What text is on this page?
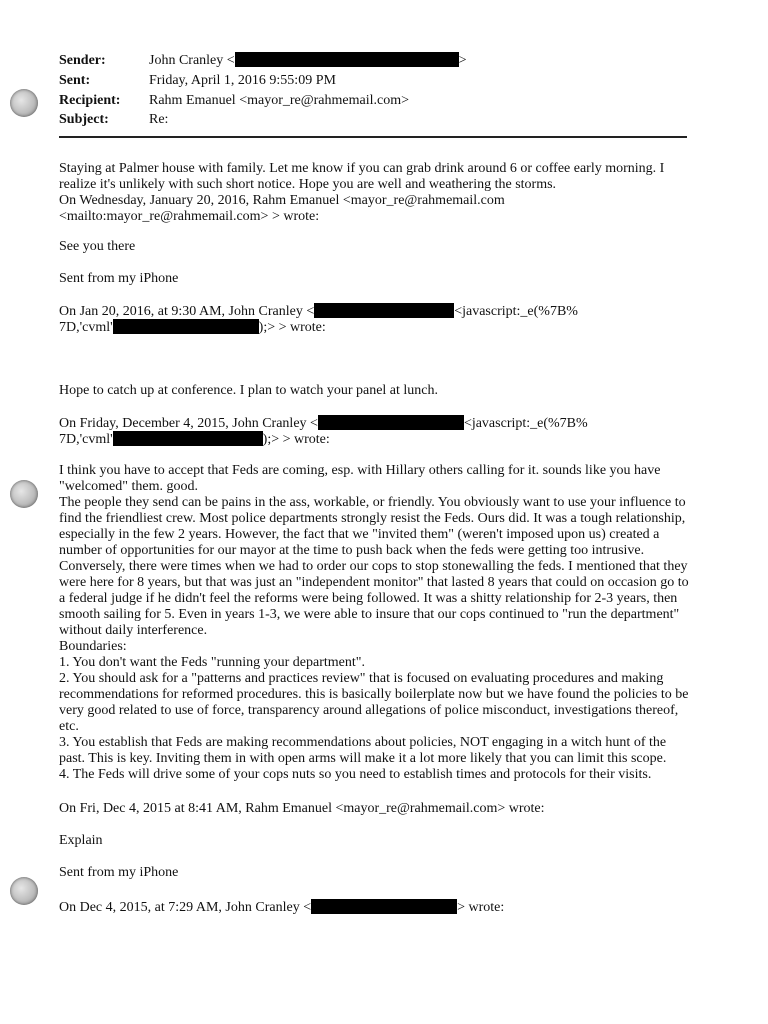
Sender:	John Cranley <	>
Sent:	Friday, April 1, 2016 9:55:09 PM
Recipient: Rahm Emanuel <mayor_re@rahmemail.com>
Subject:	Re:

Staying at Palmer house with family. Let me know if you can grab drink around 6 or coffee early morning. I

realize it's unlikely with such short notice. Hope you are well and weathering the storms.

On Wednesday, January 20, 2016, Rahm Emanuel <mayor_re@rahmemail.com

<mailto:mayor_re@rahmemail.com> > wrote:

See you there
Sent from my iPhone
On Jan 20, 2016, at 9:30 AM, John Cranley <	<javascript:_e(%7B%
7D,'cvml'	);> > wrote:
Hope to catch up at conference. I plan to watch your panel at lunch.
On Friday, December 4, 2015, John Cranley <	<javascript:_e(%7B%
7D,'cvml'	);> > wrote:

I think you have to accept that Feds are coming, esp. with Hillary others calling for it. sounds like you have

"welcomed" them. good.

The people they send can be pains in the ass, workable, or friendly. You obviously want to use your influence to

find the friendliest crew. Most police departments strongly resist the Feds. Ours did. It was a tough relationship,

especially in the few 2 years. However, the fact that we "invited them" (weren't imposed upon us) created a

number of opportunities for our mayor at the time to push back when the feds were getting too intrusive.

Conversely, there were times when we had to order our cops to stop stonewalling the feds. I mentioned that they

were here for 8 years, but that was just an "independent monitor" that lasted 8 years that could on occasion go to

a federal judge if he didn't feel the reforms were being followed. It was a shitty relationship for 2-3 years, then

smooth sailing for 5. Even in years 1-3, we were able to insure that our cops continued to "run the department"

without daily interference.

Boundaries:

1. You don't want the Feds "running your department".

2. You should ask for a "patterns and practices review" that is focused on evaluating procedures and making

recommendations for reformed procedures. this is basically boilerplate now but we have found the policies to be

very good related to use of force, transparency around allegations of police misconduct, investigations thereof,

etc.

3. You establish that Feds are making recommendations about policies, NOT engaging in a witch hunt of the

past. This is key. Inviting them in with open arms will make it a lot more likely that you can limit this scope.

4. The Feds will drive some of your cops nuts so you need to establish times and protocols for their visits.

On Fri, Dec 4, 2015 at 8:41 AM, Rahm Emanuel <mayor_re@rahmemail.com> wrote:
Explain
Sent from my iPhone
On Dec 4, 2015, at 7:29 AM, John Cranley <	> wrote:
